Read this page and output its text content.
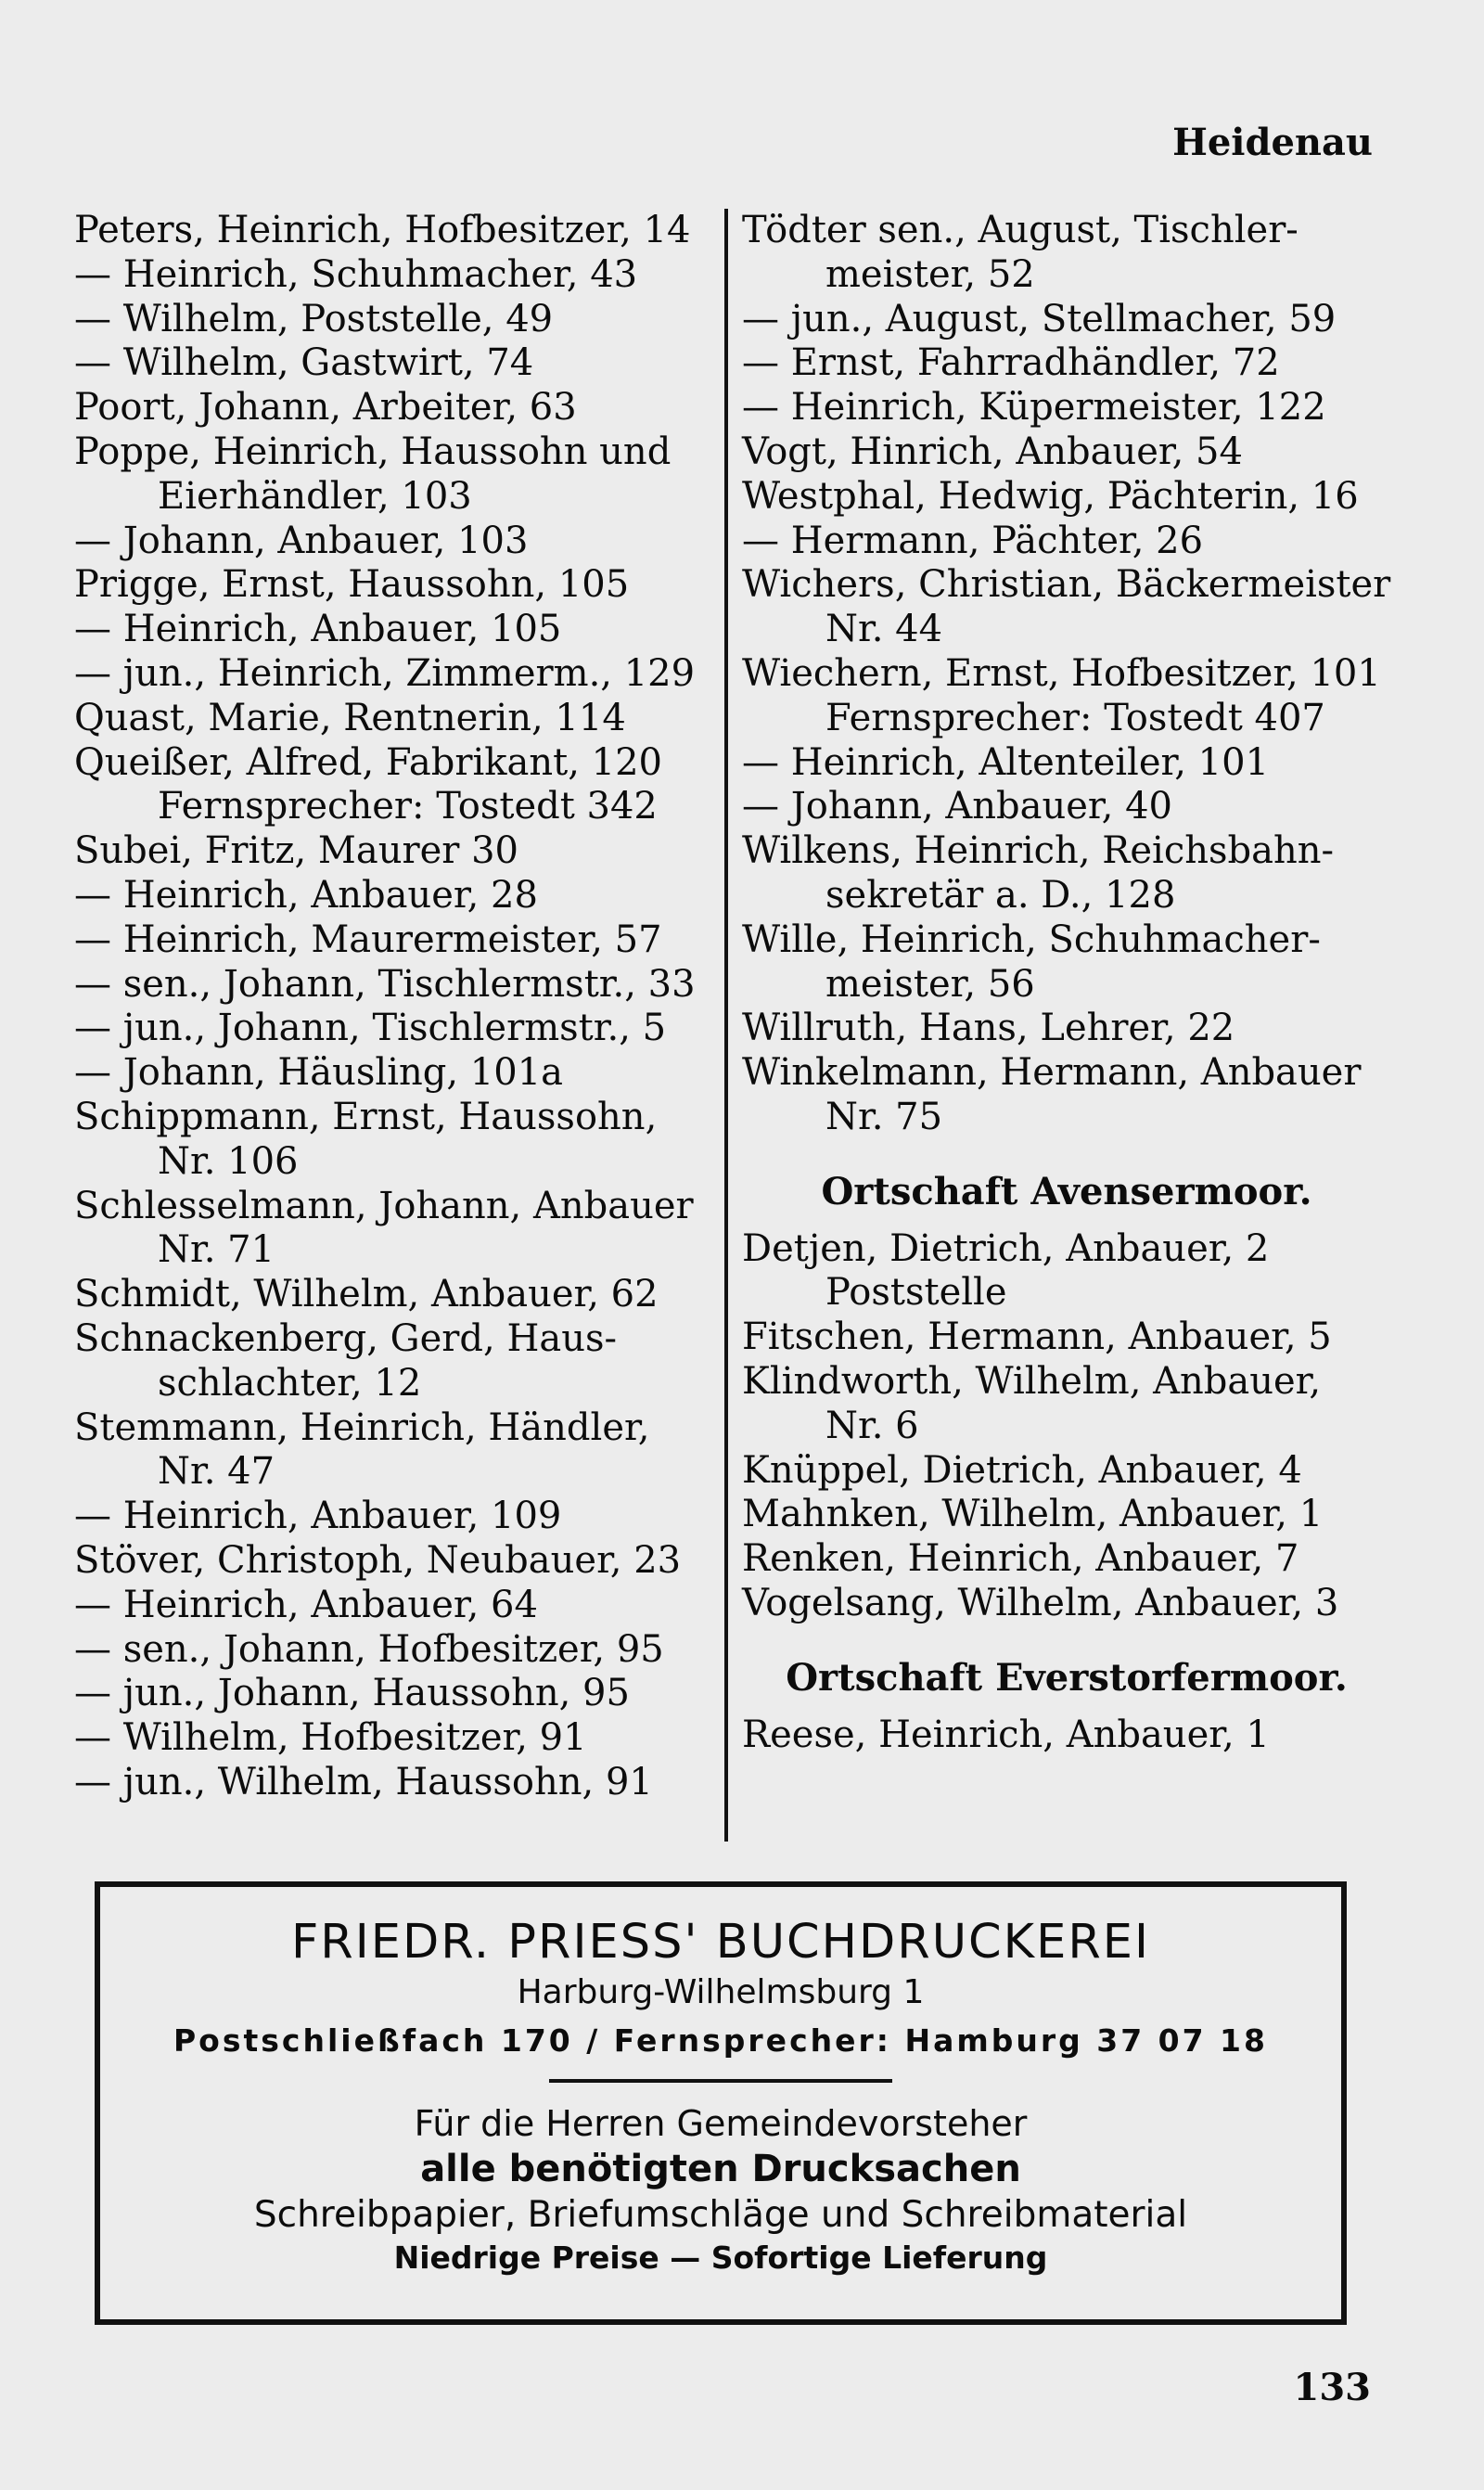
Heidenau
Peters, Heinrich, Hofbesitzer, 14
— Heinrich, Schuhmacher, 43
— Wilhelm, Poststelle, 49
— Wilhelm, Gastwirt, 74
Poort, Johann, Arbeiter, 63
Poppe, Heinrich, Haussohn und
Eierhändler, 103
— Johann, Anbauer, 103
Prigge, Ernst, Haussohn, 105
— Heinrich, Anbauer, 105
— jun., Heinrich, Zimmerm., 129
Quast, Marie, Rentnerin, 114
Queißer, Alfred, Fabrikant, 120
Fernsprecher: Tostedt 342
Subei, Fritz, Maurer 30
— Heinrich, Anbauer, 28
— Heinrich, Maurermeister, 57
— sen., Johann, Tischlermstr., 33
— jun., Johann, Tischlermstr., 5
— Johann, Häusling, 101a
Schippmann, Ernst, Haussohn,
Nr. 106
Schlesselmann, Johann, Anbauer
Nr. 71
Schmidt, Wilhelm, Anbauer, 62
Schnackenberg, Gerd, Haus-
schlachter, 12
Stemmann, Heinrich, Händler,
Nr. 47
— Heinrich, Anbauer, 109
Stöver, Christoph, Neubauer, 23
— Heinrich, Anbauer, 64
— sen., Johann, Hofbesitzer, 95
— jun., Johann, Haussohn, 95
— Wilhelm, Hofbesitzer, 91
— jun., Wilhelm, Haussohn, 91
Tödter sen., August, Tischler-
meister, 52
— jun., August, Stellmacher, 59
— Ernst, Fahrradhändler, 72
— Heinrich, Küpermeister, 122
Vogt, Hinrich, Anbauer, 54
Westphal, Hedwig, Pächterin, 16
— Hermann, Pächter, 26
Wichers, Christian, Bäckermeister
Nr. 44
Wiechern, Ernst, Hofbesitzer, 101
Fernsprecher: Tostedt 407
— Heinrich, Altenteiler, 101
— Johann, Anbauer, 40
Wilkens, Heinrich, Reichsbahn-
sekretär a. D., 128
Wille, Heinrich, Schuhmacher-
meister, 56
Willruth, Hans, Lehrer, 22
Winkelmann, Hermann, Anbauer
Nr. 75
Ortschaft Avensermoor.
Detjen, Dietrich, Anbauer, 2
Poststelle
Fitschen, Hermann, Anbauer, 5
Klindworth, Wilhelm, Anbauer,
Nr. 6
Knüppel, Dietrich, Anbauer, 4
Mahnken, Wilhelm, Anbauer, 1
Renken, Heinrich, Anbauer, 7
Vogelsang, Wilhelm, Anbauer, 3
Ortschaft Everstorfermoor.
Reese, Heinrich, Anbauer, 1
FRIEDR. PRIESS' BUCHDRUCKEREI
Harburg-Wilhelmsburg 1
Postschließfach 170 / Fernsprecher: Hamburg 37 07 18
Für die Herren Gemeindevorsteher
alle benötigten Drucksachen
Schreibpapier, Briefumschläge und Schreibmaterial
Niedrige Preise — Sofortige Lieferung
133
